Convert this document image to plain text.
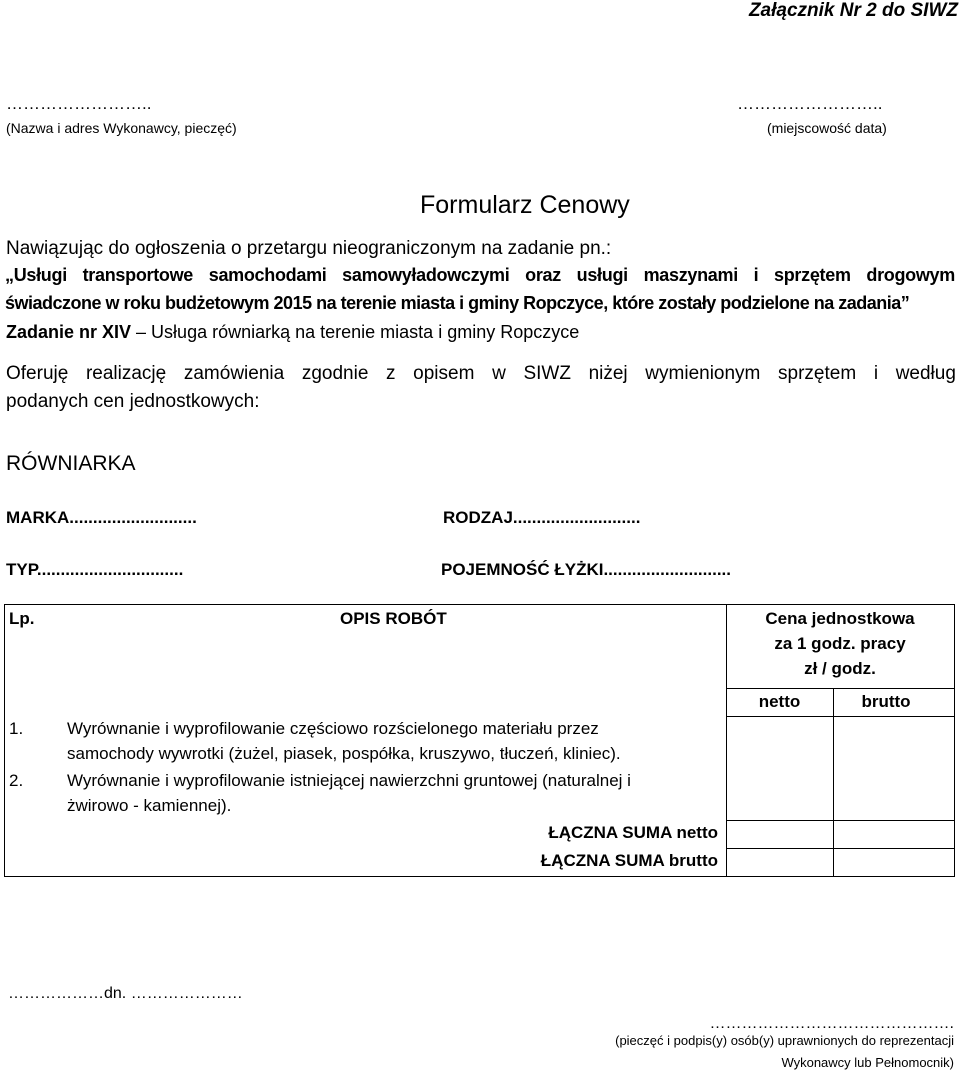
Załącznik Nr 2 do SIWZ
……………………..
(Nazwa i adres Wykonawcy, pieczęć)
……………………..
(miejscowość data)
Formularz Cenowy
Nawiązując do ogłoszenia o przetargu nieograniczonym na zadanie pn.:
„Usługi transportowe samochodami samowyładowczymi oraz usługi maszynami i sprzętem drogowym
świadczone w roku budżetowym 2015 na terenie miasta i gminy Ropczyce, które zostały podzielone na zadania”
Zadanie nr XIV – Usługa równiarką na terenie miasta i gminy Ropczyce
Oferuję realizację zamówienia zgodnie z opisem w SIWZ niżej wymienionym sprzętem i według
podanych cen jednostkowych:
RÓWNIARKA
MARKA...........................	RODZAJ...........................
TYP...............................	POJEMNOŚĆ ŁYŻKI...........................
Lp.	OPIS ROBÓT	Cena jednostkowa
za 1 godz. pracy
zł / godz.
netto	brutto
1.	Wyrównanie i wyprofilowanie częściowo rozścielonego materiału przez
samochody wywrotki (żużel, piasek, pospółka, kruszywo, tłuczeń, kliniec).
2.	Wyrównanie i wyprofilowanie istniejącej nawierzchni gruntowej (naturalnej i
żwirowo - kamiennej).
ŁĄCZNA SUMA netto
ŁĄCZNA SUMA brutto
………………dn. …………………
……………………………………….
(pieczęć i podpis(y) osób(y) uprawnionych do reprezentacji
Wykonawcy lub Pełnomocnik)
